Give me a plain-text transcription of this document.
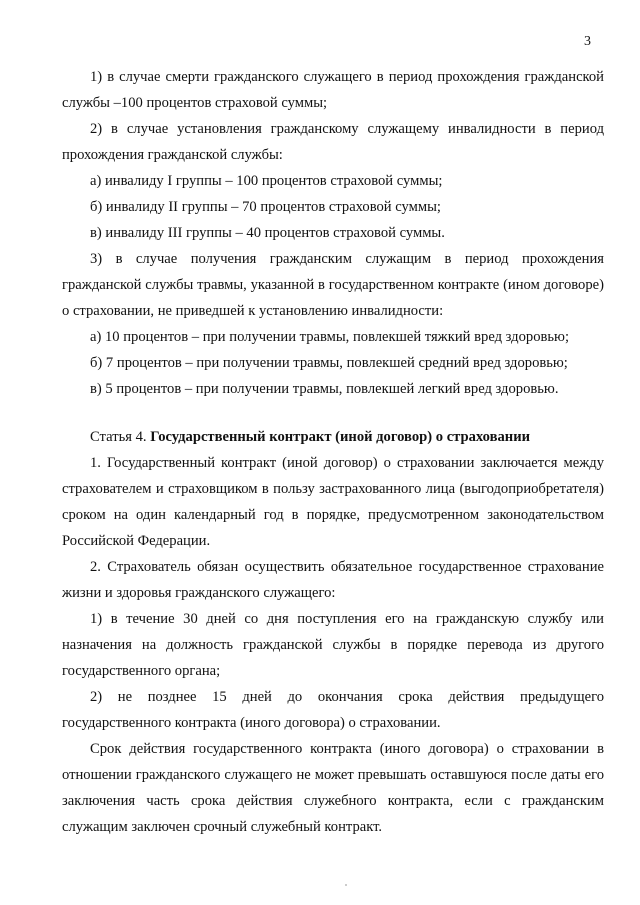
3

1) в случае смерти гражданского служащего в период прохождения гражданской службы –100 процентов страховой суммы;

2) в случае установления гражданскому служащему инвалидности в период прохождения гражданской службы:

а) инвалиду I группы – 100 процентов страховой суммы;

б) инвалиду II группы – 70 процентов страховой суммы;

в) инвалиду III группы – 40 процентов страховой суммы.

3) в случае получения гражданским служащим в период прохождения гражданской службы травмы, указанной в государственном контракте (ином договоре) о страховании, не приведшей к установлению инвалидности:

а) 10 процентов – при получении травмы, повлекшей тяжкий вред здоровью;

б) 7 процентов – при получении травмы, повлекшей средний вред здоровью;

в) 5 процентов – при получении травмы, повлекшей легкий вред здоровью.

Статья 4. Государственный контракт (иной договор) о страховании

1. Государственный контракт (иной договор) о страховании заключается между страхователем и страховщиком в пользу застрахованного лица (выгодоприобретателя) сроком на один календарный год в порядке, предусмотренном законодательством Российской Федерации.

2. Страхователь обязан осуществить обязательное государственное страхование жизни и здоровья гражданского служащего:

1) в течение 30 дней со дня поступления его на гражданскую службу или назначения на должность гражданской службы в порядке перевода из другого государственного органа;

2) не позднее 15 дней до окончания срока действия предыдущего государственного контракта (иного договора) о страховании.

Срок действия государственного контракта (иного договора) о страховании в отношении гражданского служащего не может превышать оставшуюся после даты его заключения часть срока действия служебного контракта, если с гражданским служащим заключен срочный служебный контракт.
